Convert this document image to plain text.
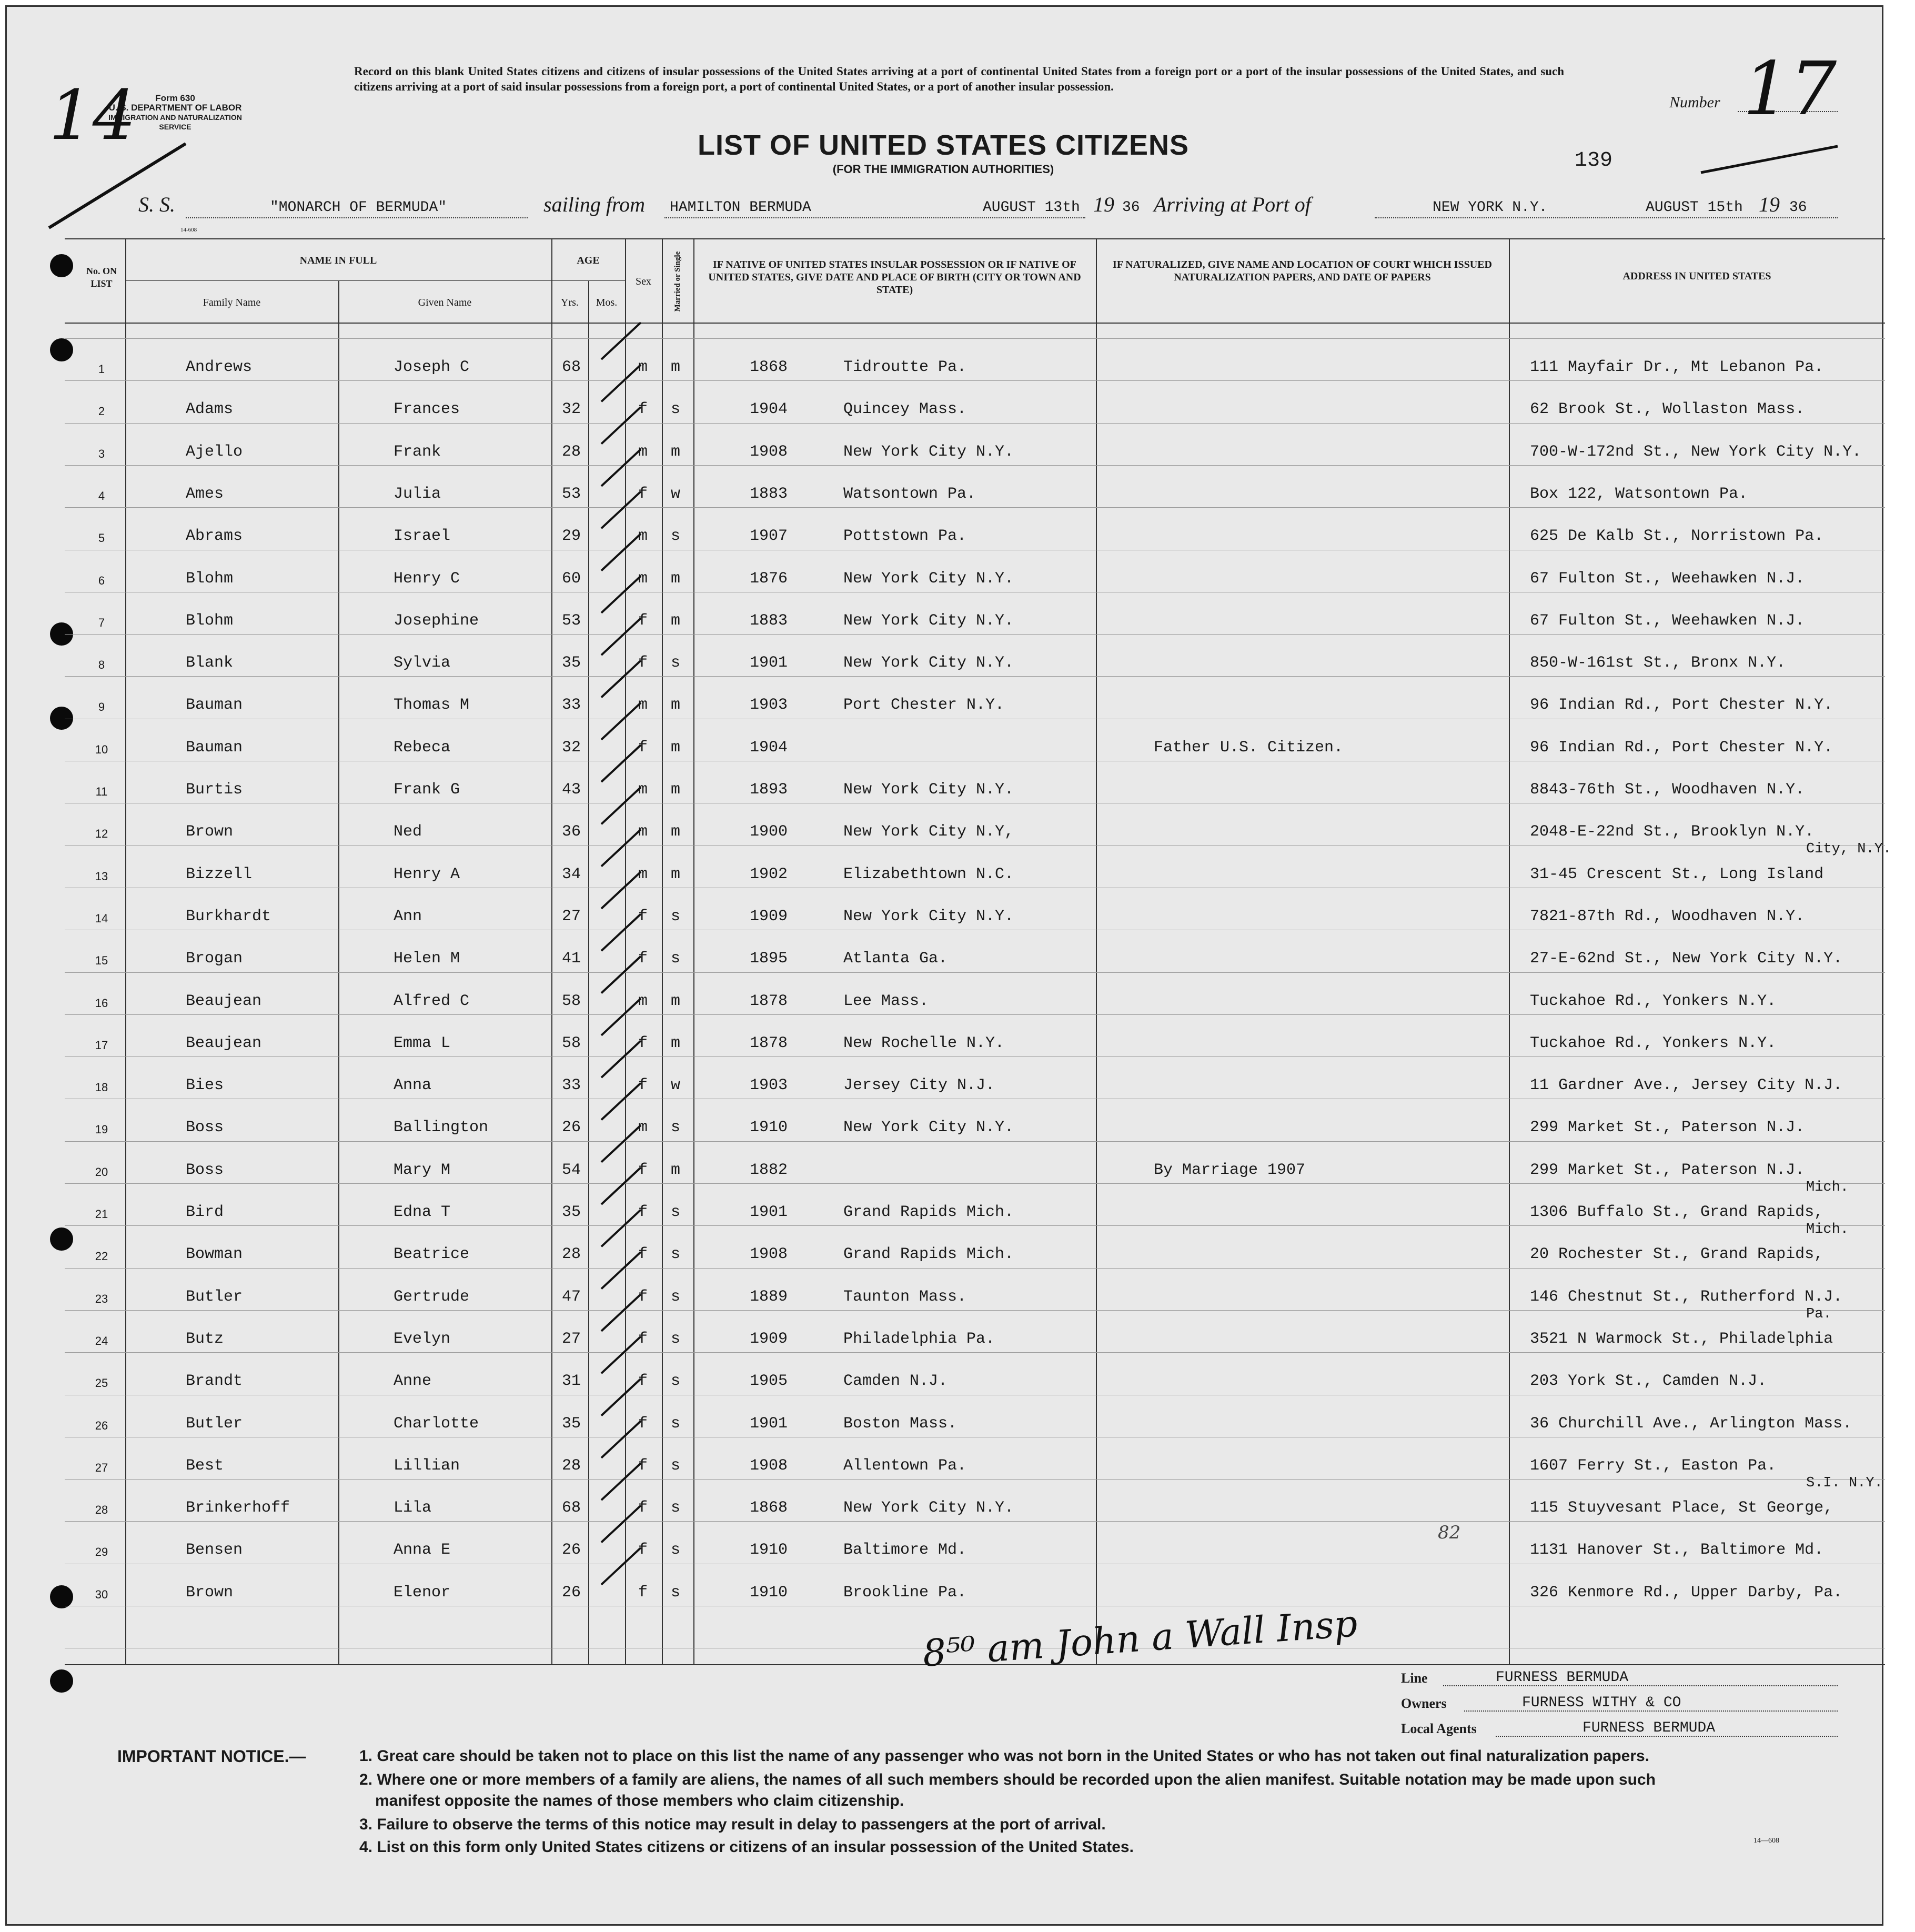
Form 630
U. S. DEPARTMENT OF LABOR
IMMIGRATION AND NATURALIZATION SERVICE
14
Record on this blank United States citizens and citizens of insular possessions of the United States arriving at a port of continental United States from a foreign port or a port of the insular possessions of the United States, and such citizens arriving at a port of said insular possessions from a foreign port, a port of continental United States, or a port of another insular possession.
LIST OF UNITED STATES CITIZENS
(FOR THE IMMIGRATION AUTHORITIES)
Number 17
139
S. S.	"MONARCH OF BERMUDA"	sailing from HAMILTON BERMUDA	AUGUST 13th 19 36 Arriving at Port of	NEW YORK N.Y.	AUGUST 15th 19 36
14-608
No. ON LIST
NAME IN FULL
Family Name	Given Name
AGE
Yrs.	Mos.
Sex	Married or Single	IF NATIVE OF UNITED STATES INSULAR POSSESSION OR IF NATIVE OF UNITED STATES, GIVE DATE AND PLACE OF BIRTH (CITY OR TOWN AND STATE)
IF NATURALIZED, GIVE NAME AND LOCATION OF COURT WHICH ISSUED NATURALIZATION PAPERS, AND DATE OF PAPERS	ADDRESS IN UNITED STATES
1	Andrews	Joseph C	68	m m	1868	Tidroutte Pa.	111 Mayfair Dr., Mt Lebanon Pa.
2	Adams	Frances	32	f s	1904	Quincey Mass.	62 Brook St., Wollaston Mass.
3	Ajello	Frank	28	m m	1908	New York City N.Y.	700-W-172nd St., New York City N.Y.
4	Ames	Julia	53	f w	1883	Watsontown Pa.	Box 122, Watsontown Pa.
5	Abrams	Israel	29	m s	1907	Pottstown Pa.	625 De Kalb St., Norristown Pa.
6	Blohm	Henry C	60	m m	1876	New York City N.Y.	67 Fulton St., Weehawken N.J.
7	Blohm	Josephine	53	f m	1883	New York City N.Y.	67 Fulton St., Weehawken N.J.
8	Blank	Sylvia	35	f s	1901	New York City N.Y.	850-W-161st St., Bronx N.Y.
9	Bauman	Thomas M	33	m m	1903	Port Chester N.Y.	96 Indian Rd., Port Chester N.Y.
10	Bauman	Rebeca	32	f m	1904	Father U.S. Citizen.	96 Indian Rd., Port Chester N.Y.
11	Burtis	Frank G	43	m m	1893	New York City N.Y.	8843-76th St., Woodhaven N.Y.
12	Brown	Ned	36	m m	1900	New York City N.Y,	2048-E-22nd St., Brooklyn N.Y.
City, N.Y.
13	Bizzell	Henry A	34	m m	1902	Elizabethtown N.C.	31-45 Crescent St., Long Island
14	Burkhardt	Ann	27	f s	1909	New York City N.Y.	7821-87th Rd., Woodhaven N.Y.
15	Brogan	Helen M	41	f s	1895	Atlanta Ga.	27-E-62nd St., New York City N.Y.
16	Beaujean	Alfred C	58	m m	1878	Lee Mass.	Tuckahoe Rd., Yonkers N.Y.
17	Beaujean	Emma L	58	f m	1878	New Rochelle N.Y.	Tuckahoe Rd., Yonkers N.Y.
18	Bies	Anna	33	f w	1903	Jersey City N.J.	11 Gardner Ave., Jersey City N.J.
19	Boss	Ballington	26	m s	1910	New York City N.Y.	299 Market St., Paterson N.J.
20	Boss	Mary M	54	f m	1882	By Marriage 1907	299 Market St., Paterson N.J.
Mich.
21	Bird	Edna T	35	f s	1901	Grand Rapids Mich.	1306 Buffalo St., Grand Rapids,
Mich.
22	Bowman	Beatrice	28	f s	1908	Grand Rapids Mich.	20 Rochester St., Grand Rapids,
23	Butler	Gertrude	47	f s	1889	Taunton Mass.	146 Chestnut St., Rutherford N.J.
Pa.
24	Butz	Evelyn	27	f s	1909	Philadelphia Pa.	3521 N Warmock St., Philadelphia
25	Brandt	Anne	31	f s	1905	Camden N.J.	203 York St., Camden N.J.
26	Butler	Charlotte	35	f s	1901	Boston Mass.	36 Churchill Ave., Arlington Mass.
27	Best	Lillian	28	f s	1908	Allentown Pa.	1607 Ferry St., Easton Pa.
S.I. N.Y.
28	Brinkerhoff	Lila	68	f s	1868	New York City N.Y.	115 Stuyvesant Place, St George,
29	Bensen	Anna E	26	f s	1910	Baltimore Md.	1131 Hanover St., Baltimore Md.
30	Brown	Elenor	26	f s	1910	Brookline Pa.	326 Kenmore Rd., Upper Darby, Pa.
8⁵⁰ am John a Wall Insp
82
Line	FURNESS BERMUDA
Owners	FURNESS WITHY & CO
Local Agents	FURNESS BERMUDA
IMPORTANT NOTICE.—	1. Great care should be taken not to place on this list the name of any passenger who was not born in the United States or who has not taken out final naturalization papers.
2. Where one or more members of a family are aliens, the names of all such members should be recorded upon the alien manifest. Suitable notation may be made upon such
manifest opposite the names of those members who claim citizenship.
3. Failure to observe the terms of this notice may result in delay to passengers at the port of arrival.
4. List on this form only United States citizens or citizens of an insular possession of the United States.	14—608
